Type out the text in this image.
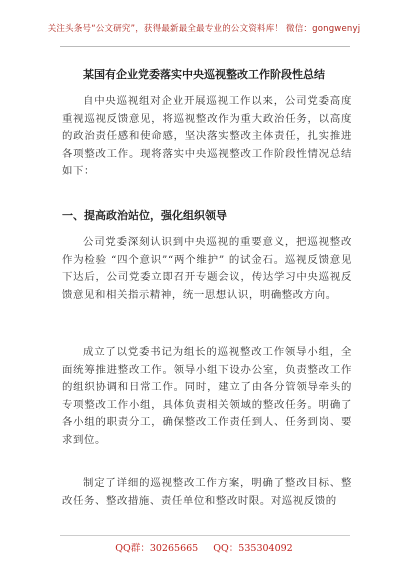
关注头条号“公文研究”，获得最新最全最专业的公文资料库！ 微信：gongwenyj
某国有企业党委落实中央巡视整改工作阶段性总结
自中央巡视组对企业开展巡视工作以来，公司党委高度重视巡视反馈意见，将巡视整改作为重大政治任务，以高度的政治责任感和使命感，坚决落实整改主体责任，扎实推进各项整改工作。现将落实中央巡视整改工作阶段性情况总结如下：
一、提高政治站位，强化组织领导
公司党委深刻认识到中央巡视的重要意义，把巡视整改作为检验 “四个意识”“两个维护” 的试金石。巡视反馈意见下达后，公司党委立即召开专题会议，传达学习中央巡视反馈意见和相关指示精神，统一思想认识，明确整改方向。
成立了以党委书记为组长的巡视整改工作领导小组，全面统筹推进整改工作。领导小组下设办公室，负责整改工作的组织协调和日常工作。同时，建立了由各分管领导牵头的专项整改工作小组，具体负责相关领域的整改任务。明确了各小组的职责分工，确保整改工作责任到人、任务到岗、要求到位。
制定了详细的巡视整改工作方案，明确了整改目标、整改任务、整改措施、责任单位和整改时限。对巡视反馈的
QQ群：30265665 QQ：535304092
